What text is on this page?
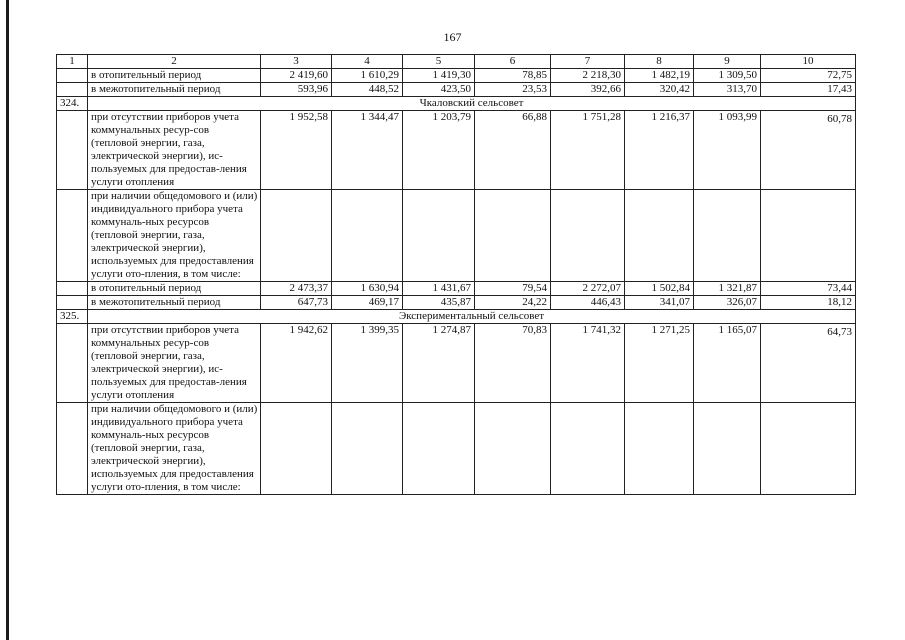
167
1	2	3	4	5	6	7	8	9	10
	в отопительный период	2 419,60	1 610,29	1 419,30	78,85	2 218,30	1 482,19	1 309,50	72,75
	в межотопительный период	593,96	448,52	423,50	23,53	392,66	320,42	313,70	17,43
324.	Чкаловский сельсовет								
	при отсутствии приборов учета коммунальных ресур-сов (тепловой энергии, газа, электрической энергии), ис-пользуемых для предостав-ления услуги отопления	1 952,58	1 344,47	1 203,79	66,88	1 751,28	1 216,37	1 093,99	60,78
	при наличии общедомового и (или) индивидуального прибора учета коммуналь-ных ресурсов (тепловой энергии, газа, электрической энергии), используемых для предоставления услуги ото-пления, в том числе:								
	в отопительный период	2 473,37	1 630,94	1 431,67	79,54	2 272,07	1 502,84	1 321,87	73,44
	в межотопительный период	647,73	469,17	435,87	24,22	446,43	341,07	326,07	18,12
325.	Экспериментальный сельсовет								
	при отсутствии приборов учета коммунальных ресур-сов (тепловой энергии, газа, электрической энергии), ис-пользуемых для предостав-ления услуги отопления	1 942,62	1 399,35	1 274,87	70,83	1 741,32	1 271,25	1 165,07	64,73
	при наличии общедомового и (или) индивидуального прибора учета коммуналь-ных ресурсов (тепловой энергии, газа, электрической энергии), используемых для предоставления услуги ото-пления, в том числе:								
